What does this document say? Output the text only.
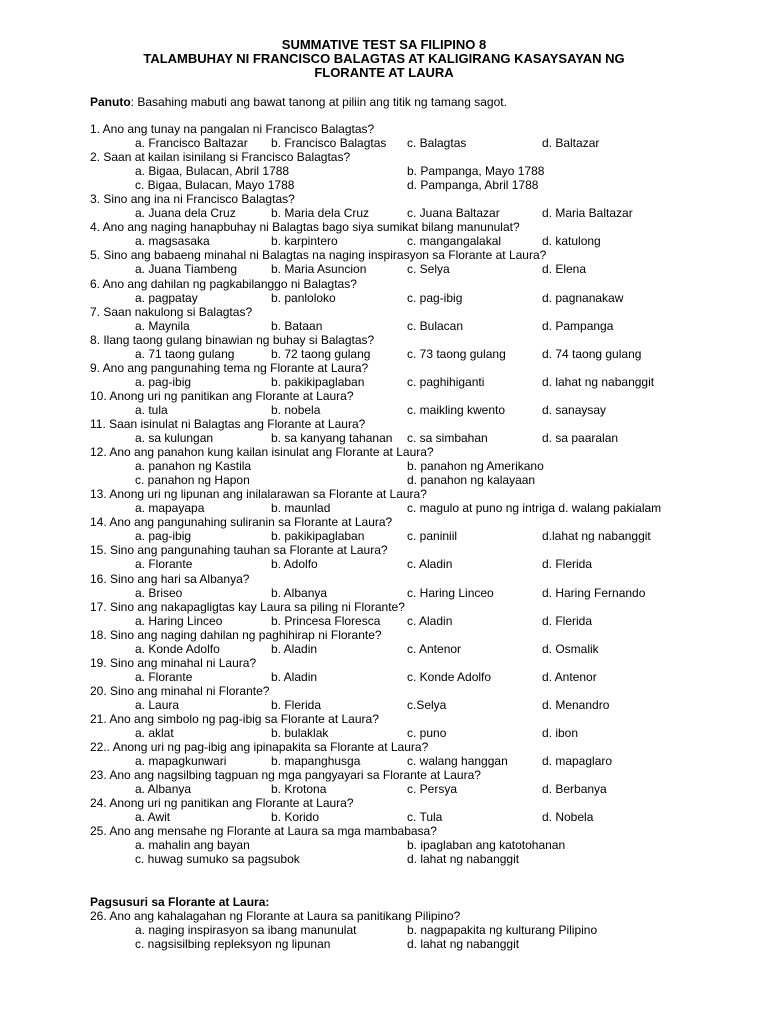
SUMMATIVE TEST SA FILIPINO 8
TALAMBUHAY NI FRANCISCO BALAGTAS AT KALIGIRANG KASAYSAYAN NG
FLORANTE AT LAURA
Panuto: Basahing mabuti ang bawat tanong at piliin ang titik ng tamang sagot.
1. Ano ang tunay na pangalan ni Francisco Balagtas?
a. Francisco Baltazar b. Francisco Balagtas c. Balagtas	d. Baltazar
2. Saan at kailan isinilang si Francisco Balagtas?
a. Bigaa, Bulacan, Abril 1788	b. Pampanga, Mayo 1788
c. Bigaa, Bulacan, Mayo 1788	d. Pampanga, Abril 1788
3. Sino ang ina ni Francisco Balagtas?
a. Juana dela Cruz	b. Maria dela Cruz	c. Juana Baltazar	d. Maria Baltazar
4. Ano ang naging hanapbuhay ni Balagtas bago siya sumikat bilang manunulat?
a. magsasaka	b. karpintero	c. mangangalakal	d. katulong
5. Sino ang babaeng minahal ni Balagtas na naging inspirasyon sa Florante at Laura?
a. Juana Tiambeng	b. Maria Asuncion	c. Selya	d. Elena
6. Ano ang dahilan ng pagkabilanggo ni Balagtas?
a. pagpatay	b. panloloko	c. pag-ibig	d. pagnanakaw
7. Saan nakulong si Balagtas?
a. Maynila	b. Bataan	c. Bulacan	d. Pampanga
8. Ilang taong gulang binawian ng buhay si Balagtas?
a. 71 taong gulang	b. 72 taong gulang	c. 73 taong gulang	d. 74 taong gulang
9. Ano ang pangunahing tema ng Florante at Laura?
a. pag-ibig	b. pakikipaglaban	c. paghihiganti	d. lahat ng nabanggit
10. Anong uri ng panitikan ang Florante at Laura?
a. tula	b. nobela	c. maikling kwento	d. sanaysay
11. Saan isinulat ni Balagtas ang Florante at Laura?
a. sa kulungan	b. sa kanyang tahanan c. sa simbahan	d. sa paaralan
12. Ano ang panahon kung kailan isinulat ang Florante at Laura?
a. panahon ng Kastila	b. panahon ng Amerikano
c. panahon ng Hapon	d. panahon ng kalayaan
13. Anong uri ng lipunan ang inilalarawan sa Florante at Laura?
a. mapayapa	b. maunlad	c. magulo at puno ng intriga d. walang pakialam
14. Ano ang pangunahing suliranin sa Florante at Laura?
a. pag-ibig	b. pakikipaglaban	c. paniniil	d.lahat ng nabanggit
15. Sino ang pangunahing tauhan sa Florante at Laura?
a. Florante	b. Adolfo	c. Aladin	d. Flerida
16. Sino ang hari sa Albanya?
a. Briseo	b. Albanya	c. Haring Linceo	d. Haring Fernando
17. Sino ang nakapagligtas kay Laura sa piling ni Florante?
a. Haring Linceo	b. Princesa Floresca c. Aladin	d. Flerida
18. Sino ang naging dahilan ng paghihirap ni Florante?
a. Konde Adolfo	b. Aladin	c. Antenor	d. Osmalik
19. Sino ang minahal ni Laura?
a. Florante	b. Aladin	c. Konde Adolfo	d. Antenor
20. Sino ang minahal ni Florante?
a. Laura	b. Flerida	c.Selya	d. Menandro
21. Ano ang simbolo ng pag-ibig sa Florante at Laura?
a. aklat	b. bulaklak	c. puno	d. ibon
22.. Anong uri ng pag-ibig ang ipinapakita sa Florante at Laura?
a. mapagkunwari	b. mapanghusga	c. walang hanggan	d. mapaglaro
23. Ano ang nagsilbing tagpuan ng mga pangyayari sa Florante at Laura?
a. Albanya	b. Krotona	c. Persya	d. Berbanya
24. Anong uri ng panitikan ang Florante at Laura?
a. Awit	b. Korido	c. Tula	d. Nobela
25. Ano ang mensahe ng Florante at Laura sa mga mambabasa?
a. mahalin ang bayan	b. ipaglaban ang katotohanan
c. huwag sumuko sa pagsubok	d. lahat ng nabanggit
Pagsusuri sa Florante at Laura:
26. Ano ang kahalagahan ng Florante at Laura sa panitikang Pilipino?
a. naging inspirasyon sa ibang manunulat	b. nagpapakita ng kulturang Pilipino
c. nagsisilbing repleksyon ng lipunan	d. lahat ng nabanggit
